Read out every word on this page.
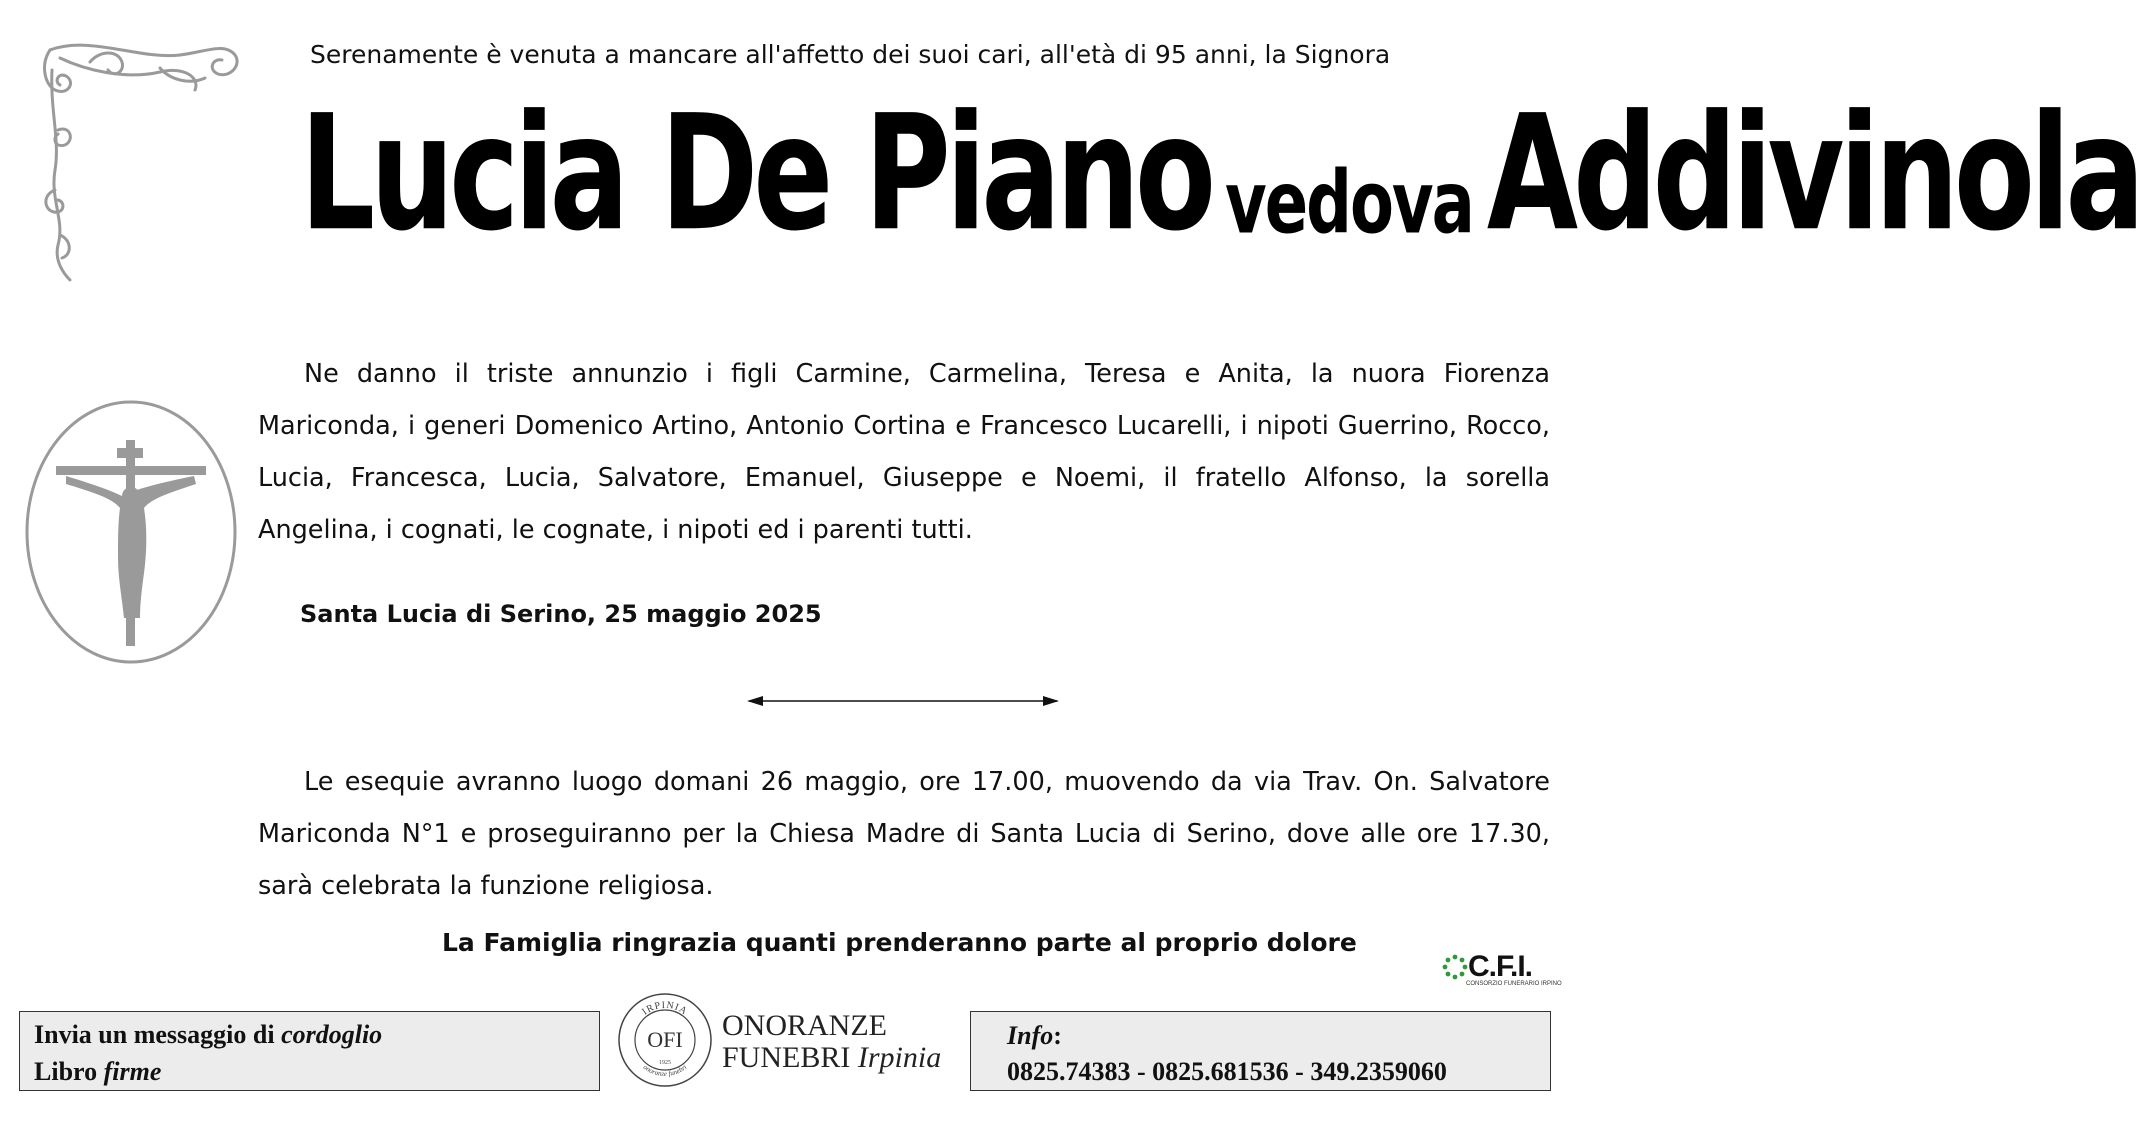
Serenamente è venuta a mancare all'affetto dei suoi cari, all'età di 95 anni, la Signora
Lucia De Piano vedova Addivinola
Ne danno il triste annunzio i figli Carmine, Carmelina, Teresa e Anita, la nuora Fiorenza Mariconda, i generi Domenico Artino, Antonio Cortina e Francesco Lucarelli, i nipoti Guerrino, Rocco, Lucia, Francesca, Lucia, Salvatore, Emanuel, Giuseppe e Noemi, il fratello Alfonso, la sorella Angelina, i cognati, le cognate, i nipoti ed i parenti tutti.
Santa Lucia di Serino, 25 maggio 2025
Le esequie avranno luogo domani 26 maggio, ore 17.00, muovendo da via Trav. On. Salvatore Mariconda N°1 e proseguiranno per la Chiesa Madre di Santa Lucia di Serino, dove alle ore 17.30, sarà celebrata la funzione religiosa.
La Famiglia ringrazia quanti prenderanno parte al proprio dolore
C.F.I.
CONSORZIO FUNERARIO IRPINO
Invia un messaggio di cordoglio
Libro firme
IRPINIA
onoranze funebri
OFI
1925
ONORANZE
FUNEBRI Irpinia
Info:
0825.74383 - 0825.681536 - 349.2359060
